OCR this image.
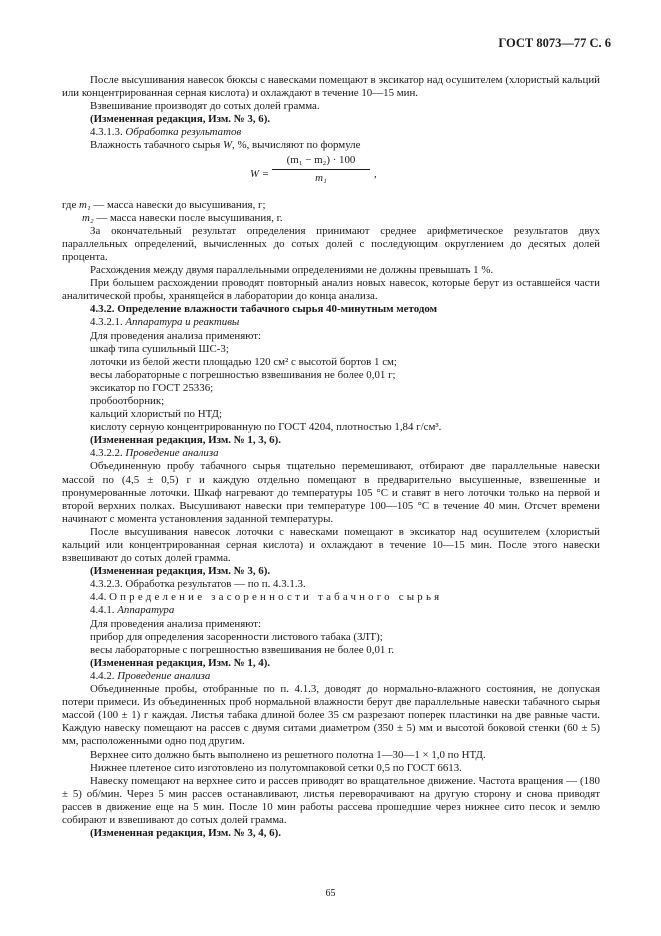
ГОСТ 8073—77 С. 6

После высушивания навесок бюксы с навесками помещают в эксикатор над осушителем (хлористый кальций или концентрированная серная кислота) и охлаждают в течение 10—15 мин.

Взвешивание производят до сотых долей грамма.

(Измененная редакция, Изм. № 3, 6).

4.3.1.3. Обработка результатов

Влажность табачного сырья W, %, вычисляют по формуле

$W = \frac{\text{(m₁ − m₂) · 100}}{\text{m₁}}$ ,

где m₁ — масса навески до высушивания, г;

m₂ — масса навески после высушивания, г.

За окончательный результат определения принимают среднее арифметическое результатов двух параллельных определений, вычисленных до сотых долей с последующим округлением до десятых долей процента.

Расхождения между двумя параллельными определениями не должны превышать 1 %.

При большем расхождении проводят повторный анализ новых навесок, которые берут из оставшейся части аналитической пробы, хранящейся в лаборатории до конца анализа.

4.3.2. Определение влажности табачного сырья 40-минутным методом

4.3.2.1. Аппаратура и реактивы

Для проведения анализа применяют:

шкаф типа сушильный ШС-3;

лоточки из белой жести площадью 120 см² с высотой бортов 1 см;

весы лабораторные с погрешностью взвешивания не более 0,01 г;

эксикатор по ГОСТ 25336;

пробоотборник;

кальций хлористый по НТД;

кислоту серную концентрированную по ГОСТ 4204, плотностью 1,84 г/см³.

(Измененная редакция, Изм. № 1, 3, 6).

4.3.2.2. Проведение анализа

Объединенную пробу табачного сырья тщательно перемешивают, отбирают две параллельные навески массой по (4,5 ± 0,5) г и каждую отдельно помещают в предварительно высушенные, взвешенные и пронумерованные лоточки. Шкаф нагревают до температуры 105 °С и ставят в него лоточки только на первой и второй верхних полках. Высушивают навески при температуре 100—105 °С в течение 40 мин. Отсчет времени начинают с момента установления заданной температуры.

После высушивания навесок лоточки с навесками помещают в эксикатор над осушителем (хлористый кальций или концентрированная серная кислота) и охлаждают в течение 10—15 мин. После этого навески взвешивают до сотых долей грамма.

(Измененная редакция, Изм. № 3, 6).

4.3.2.3. Обработка результатов — по п. 4.3.1.3.

4.4. Определение засоренности табачного сырья

4.4.1. Аппаратура

Для проведения анализа применяют:

прибор для определения засоренности листового табака (ЗЛТ);

весы лабораторные с погрешностью взвешивания не более 0,01 г.

(Измененная редакция, Изм. № 1, 4).

4.4.2. Проведение анализа

Объединенные пробы, отобранные по п. 4.1.3, доводят до нормально-влажного состояния, не допуская потери примеси. Из объединенных проб нормальной влажности берут две параллельные навески табачного сырья массой (100 ± 1) г каждая. Листья табака длиной более 35 см разрезают поперек пластинки на две равные части. Каждую навеску помещают на рассев с двумя ситами диаметром (350 ± 5) мм и высотой боковой стенки (60 ± 5) мм, расположенными одно под другим.

Верхнее сито должно быть выполнено из решетного полотна 1—30—1 × 1,0 по НТД.

Нижнее плетеное сито изготовлено из полутомпаковой сетки 0,5 по ГОСТ 6613.

Навеску помещают на верхнее сито и рассев приводят во вращательное движение. Частота вращения — (180 ± 5) об/мин. Через 5 мин рассев останавливают, листья переворачивают на другую сторону и снова приводят рассев в движение еще на 5 мин. После 10 мин работы рассева прошедшие через нижнее сито песок и землю собирают и взвешивают до сотых долей грамма.

(Измененная редакция, Изм. № 3, 4, 6).

65
